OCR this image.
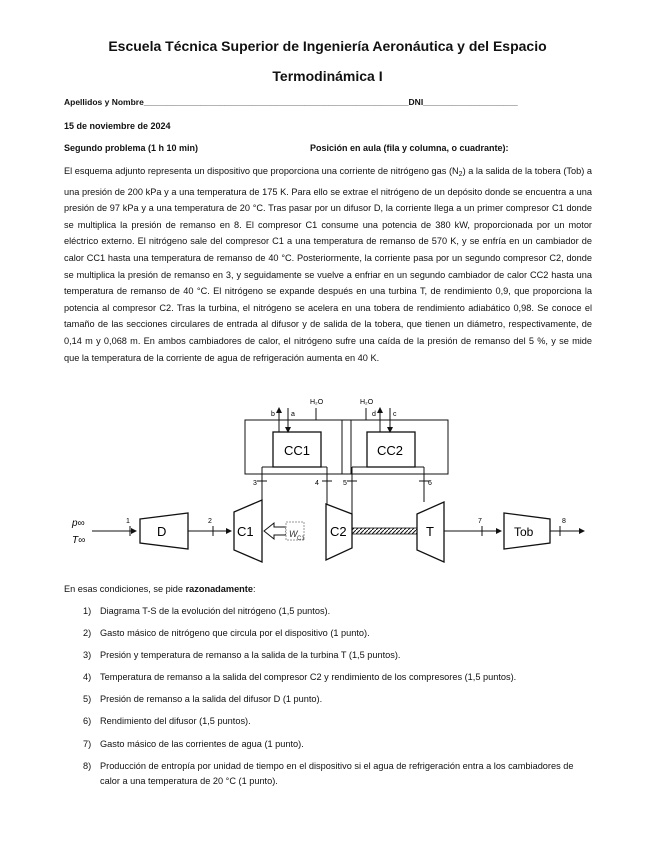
Escuela Técnica Superior de Ingeniería Aeronáutica y del Espacio
Termodinámica I
Apellidos y Nombre________________________________________________________DNI____________________
15 de noviembre de 2024
Segundo problema (1 h 10 min)	Posición en aula (fila y columna, o cuadrante):
El esquema adjunto representa un dispositivo que proporciona una corriente de nitrógeno gas $(N_2)$ a la salida de la tobera (Tob) a una presión de 200 kPa y a una temperatura de 175 K. Para ello se extrae el nitrógeno de un depósito donde se encuentra a una presión de 97 kPa y a una temperatura de 20 °C. Tras pasar por un difusor D, la corriente llega a un primer compresor C1 donde se multiplica la presión de remanso en 8. El compresor C1 consume una potencia de 380 kW, proporcionada por un motor eléctrico externo. El nitrógeno sale del compresor C1 a una temperatura de remanso de 570 K, y se enfría en un cambiador de calor CC1 hasta una temperatura de remanso de 40 °C. Posteriormente, la corriente pasa por un segundo compresor C2, donde se multiplica la presión de remanso en 3, y seguidamente se vuelve a enfriar en un segundo cambiador de calor CC2 hasta una temperatura de remanso de 40 °C. El nitrógeno se expande después en una turbina T, de rendimiento 0,9, que proporciona la potencia al compresor C2. Tras la turbina, el nitrógeno se acelera en una tobera de rendimiento adiabático 0,98. Se conoce el tamaño de las secciones circulares de entrada al difusor y de salida de la tobera, que tienen un diámetro, respectivamente, de 0,14 m y 0,068 m. En ambos cambiadores de calor, el nitrógeno sufre una caída de la presión de remanso del 5 %, y se mide que la temperatura de la corriente de agua de refrigeración aumenta en 40 K.
p∞
T∞
1
D
2
C1	W C1
CC1
b a
H₂O
3	4
C2
CC2
d c
H₂O
5	6
T
7
Tob
8
En esas condiciones, se pide razonadamente:
1) Diagrama T-S de la evolución del nitrógeno (1,5 puntos).
2) Gasto másico de nitrógeno que circula por el dispositivo (1 punto).
3) Presión y temperatura de remanso a la salida de la turbina T (1,5 puntos).
4) Temperatura de remanso a la salida del compresor C2 y rendimiento de los compresores (1,5 puntos).
5) Presión de remanso a la salida del difusor D (1 punto).
6) Rendimiento del difusor (1,5 puntos).
7) Gasto másico de las corrientes de agua (1 punto).
8) Producción de entropía por unidad de tiempo en el dispositivo si el agua de refrigeración entra a los cambiadores de calor a una temperatura de 20 °C (1 punto).
